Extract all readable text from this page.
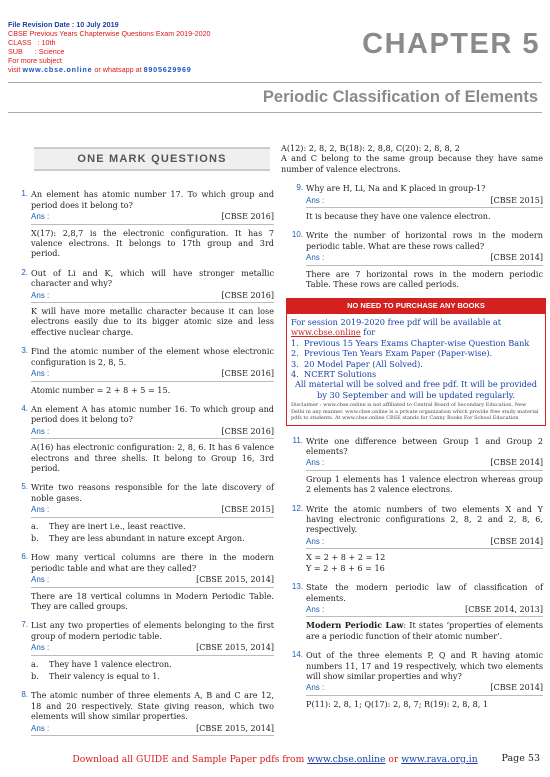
File Revision Date : 10 July 2019
CBSE Previous Years Chapterwise Questions Exam 2019-2020
CLASS   : 10th
SUB      : Science
For more subject
visit www.cbse.online or whatsapp at 8905629969
CHAPTER 5
Periodic Classification of Elements
ONE MARK QUESTIONS
1. An element has atomic number 17. To which group and period does it belong to?
Ans :	[CBSE 2016]
X(17): 2,8,7 is the electronic configuration. It has 7 valence electrons. It belongs to 17th group and 3rd period.
2. Out of Li and K, which will have stronger metallic character and why?
Ans :	[CBSE 2016]
K will have more metallic character because it can lose electrons easily due to its bigger atomic size and less effective nuclear charge.
3. Find the atomic number of the element whose electronic configuration is 2, 8, 5.
Ans :	[CBSE 2016]
Atomic number = 2 + 8 + 5 = 15.
4. An element A has atomic number 16. To which group and period does it belong to?
Ans :	[CBSE 2016]
A(16) has electronic configuration: 2, 8, 6. It has 6 valence electrons and three shells. It belong to Group 16, 3rd period.
5. Write two reasons responsible for the late discovery of noble gases.
Ans :	[CBSE 2015]
a.	They are inert i.e., least reactive.
b. They are less abundant in nature except Argon.
6. How many vertical columns are there in the modern periodic table and what are they called?
Ans :	[CBSE 2015, 2014]
There are 18 vertical columns in Modern Periodic Table. They are called groups.
7. List any two properties of elements belonging to the first group of modern periodic table.
Ans :	[CBSE 2015, 2014]
a.	They have 1 valence electron.
b. Their valency is equal to 1.
8. The atomic number of three elements A, B and C are 12, 18 and 20 respectively. State giving reason, which two elements will show similar properties.
Ans :	[CBSE 2015, 2014]
A(12): 2, 8, 2, B(18): 2, 8,8, C(20): 2, 8, 8, 2
A and C belong to the same group because they have same number of valence electrons.
9. Why are H, Li, Na and K placed in group-1?
Ans :	[CBSE 2015]
It is because they have one valence electron.
10. Write the number of horizontal rows in the modern periodic table. What are these rows called?
Ans :	[CBSE 2014]
There are 7 horizontal rows in the modern periodic Table. These rows are called periods.
NO NEED TO PURCHASE ANY BOOKS
For session 2019-2020 free pdf will be available at
www.cbse.online for
1.  Previous 15 Years Exams Chapter-wise Question Bank
2.  Previous Ten Years Exam Paper (Paper-wise).
3.  20 Model Paper (All Solved).
4.  NCERT Solutions
All material will be solved and free pdf. It will be provided by 30 September and will be updated regularly.
Disclaimer : www.cbse.online is not affiliated to Central Board of Secondary Education, New Delhi in any manner. www.cbse.online is a private organization which provide free study material pdfs to students. At www.cbse.online CBSE stands for Canny Books For School Education
11. Write one difference between Group 1 and Group 2 elements?
Ans :	[CBSE 2014]
Group 1 elements has 1 valence electron whereas group 2 elements has 2 valence electrons.
12. Write the atomic numbers of two elements X and Y having electronic configurations 2, 8, 2 and 2, 8, 6, respectively.
Ans :	[CBSE 2014]
X = 2 + 8 + 2 = 12
Y = 2 + 8 + 6 = 16
13. State the modern periodic law of classification of elements.
Ans :	[CBSE 2014, 2013]
Modern Periodic Law: It states ‘properties of elements are a periodic function of their atomic number’.
14. Out of the three elements P, Q and R having atomic numbers 11, 17 and 19 respectively, which two elements will show similar properties and why?
Ans :	[CBSE 2014]
P(11): 2, 8, 1; Q(17): 2, 8, 7; R(19): 2, 8, 8, 1
Download all GUIDE and Sample Paper pdfs from www.cbse.online or www.rava.org.in	Page 53
